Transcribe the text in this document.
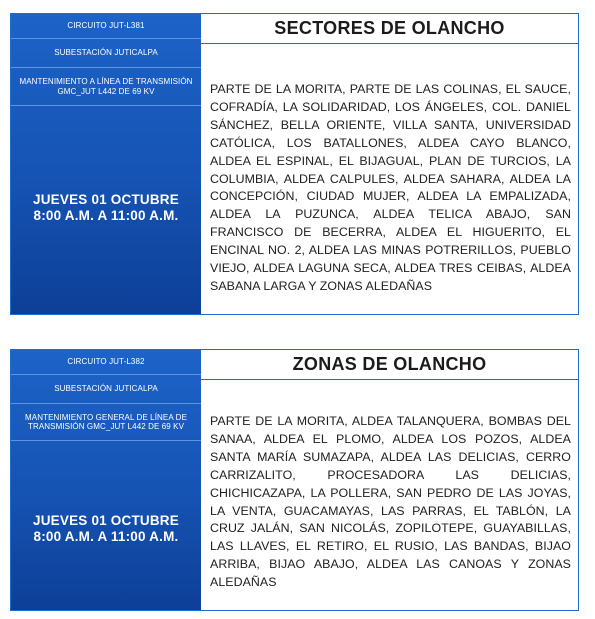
CIRCUITO JUT-L381
SUBESTACIÓN JUTICALPA
MANTENIMIENTO A LÍNEA DE TRANSMISIÓN GMC_JUT L442 DE 69 KV
JUEVES 01 OCTUBRE
8:00 A.M. A 11:00 A.M.
SECTORES DE OLANCHO
PARTE DE LA MORITA, PARTE DE LAS COLINAS, EL SAUCE, COFRADÍA, LA SOLIDARIDAD, LOS ÁNGELES, COL. DANIEL SÁNCHEZ, BELLA ORIENTE, VILLA SANTA, UNIVERSIDAD CATÓLICA, LOS BATALLONES, ALDEA CAYO BLANCO, ALDEA EL ESPINAL, EL BIJAGUAL, PLAN DE TURCIOS, LA COLUMBIA, ALDEA CALPULES, ALDEA SAHARA, ALDEA LA CONCEPCIÓN, CIUDAD MUJER, ALDEA LA EMPALIZADA, ALDEA LA PUZUNCA, ALDEA TELICA ABAJO, SAN FRANCISCO DE BECERRA, ALDEA EL HIGUERITO, EL ENCINAL NO. 2, ALDEA LAS MINAS POTRERILLOS, PUEBLO VIEJO, ALDEA LAGUNA SECA, ALDEA TRES CEIBAS, ALDEA SABANA LARGA Y ZONAS ALEDAÑAS
CIRCUITO JUT-L382
SUBESTACIÓN JUTICALPA
MANTENIMIENTO GENERAL DE LÍNEA DE TRANSMISIÓN GMC_JUT L442 DE 69 KV
JUEVES 01 OCTUBRE
8:00 A.M. A 11:00 A.M.
ZONAS DE OLANCHO
PARTE DE LA MORITA, ALDEA TALANQUERA, BOMBAS DEL SANAA, ALDEA EL PLOMO, ALDEA LOS POZOS, ALDEA SANTA MARÍA SUMAZAPA, ALDEA LAS DELICIAS, CERRO CARRIZALITO, PROCESADORA LAS DELICIAS, CHICHICAZAPA, LA POLLERA, SAN PEDRO DE LAS JOYAS, LA VENTA, GUACAMAYAS, LAS PARRAS, EL TABLÓN, LA CRUZ JALÁN, SAN NICOLÁS, ZOPILOTEPE, GUAYABILLAS, LAS LLAVES, EL RETIRO, EL RUSIO, LAS BANDAS, BIJAO ARRIBA, BIJAO ABAJO, ALDEA LAS CANOAS Y ZONAS ALEDAÑAS
